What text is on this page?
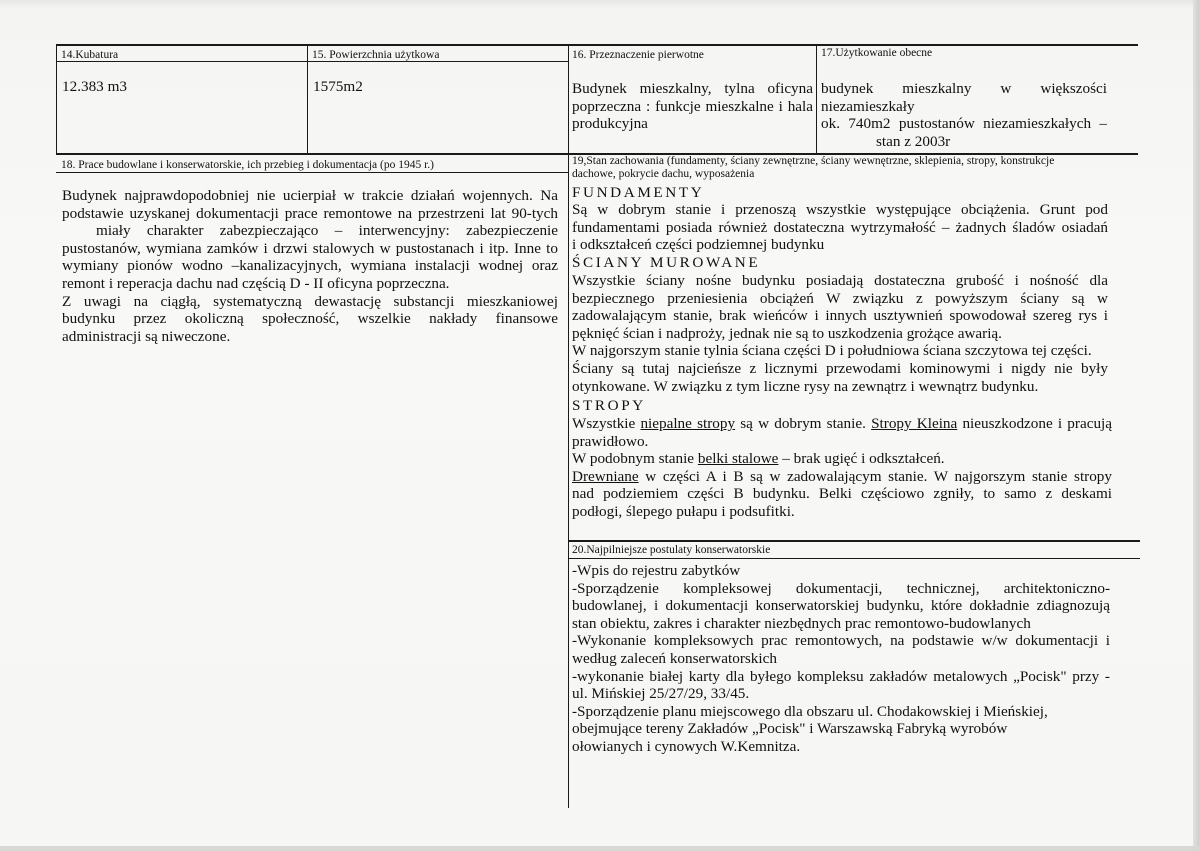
14.Kubatura
12.383 m3
15. Powierzchnia użytkowa
1575m2
16. Przeznaczenie pierwotne
Budynek mieszkalny, tylna oficyna
poprzeczna : funkcje mieszkalne i hala
produkcyjna
17.Użytkowanie obecne
budynek mieszkalny w większości
niezamieszkały
ok. 740m2 pustostanów niezamieszkałych –
stan z 2003r
18. Prace budowlane i konserwatorskie, ich przebieg i dokumentacja (po 1945 r.)
Budynek najprawdopodobniej nie ucierpiał w trakcie działań wojennych. Na
podstawie uzyskanej dokumentacji prace remontowe na przestrzeni lat 90-tych
miały charakter zabezpieczająco – interwencyjny: zabezpieczenie
pustostanów, wymiana zamków i drzwi stalowych w pustostanach i itp. Inne to
wymiany pionów wodno –kanalizacyjnych, wymiana instalacji wodnej oraz
remont i reperacja dachu nad częścią D - II oficyna poprzeczna.
Z uwagi na ciągłą, systematyczną dewastację substancji mieszkaniowej
budynku przez okoliczną społeczność, wszelkie nakłady finansowe
administracji są niweczone.
19,Stan zachowania (fundamenty, ściany zewnętrzne, ściany wewnętrzne, sklepienia, stropy, konstrukcje
dachowe, pokrycie dachu, wyposażenia
FUNDAMENTY
Są w dobrym stanie i przenoszą wszystkie występujące obciążenia. Grunt pod
fundamentami posiada również dostateczna wytrzymałość – żadnych śladów osiadań
i odkształceń części podziemnej budynku
ŚCIANY MUROWANE
Wszystkie ściany nośne budynku posiadają dostateczna grubość i nośność dla
bezpiecznego przeniesienia obciążeń W związku z powyższym ściany są w
zadowalającym stanie, brak wieńców i innych usztywnień spowodował szereg rys i
pęknięć ścian i nadproży, jednak nie są to uszkodzenia grożące awarią.
W najgorszym stanie tylnia ściana części D i południowa ściana szczytowa tej części.
Ściany są tutaj najcieńsze z licznymi przewodami kominowymi i nigdy nie były
otynkowane. W związku z tym liczne rysy na zewnątrz i wewnątrz budynku.
STROPY
Wszystkie niepalne stropy są w dobrym stanie. Stropy Kleina nieuszkodzone i pracują
prawidłowo.
W podobnym stanie belki stalowe – brak ugięć i odkształceń.
Drewniane w części A i B są w zadowalającym stanie. W najgorszym stanie stropy
nad podziemiem części B budynku. Belki częściowo zgniły, to samo z deskami
podłogi, ślepego pułapu i podsufitki.
20.Najpilniejsze postulaty konserwatorskie
-Wpis do rejestru zabytków
-Sporządzenie kompleksowej dokumentacji, technicznej, architektoniczno-
budowlanej, i dokumentacji konserwatorskiej budynku, które dokładnie zdiagnozują
stan obiektu, zakres i charakter niezbędnych prac remontowo-budowlanych
-Wykonanie kompleksowych prac remontowych, na podstawie w/w dokumentacji i
według zaleceń konserwatorskich
-wykonanie białej karty dla byłego kompleksu zakładów metalowych „Pocisk" przy -
ul. Mińskiej 25/27/29, 33/45.
-Sporządzenie planu miejscowego dla obszaru ul. Chodakowskiej i Mieńskiej,
obejmujące tereny Zakładów „Pocisk" i Warszawską Fabryką wyrobów
ołowianych i cynowych W.Kemnitza.
